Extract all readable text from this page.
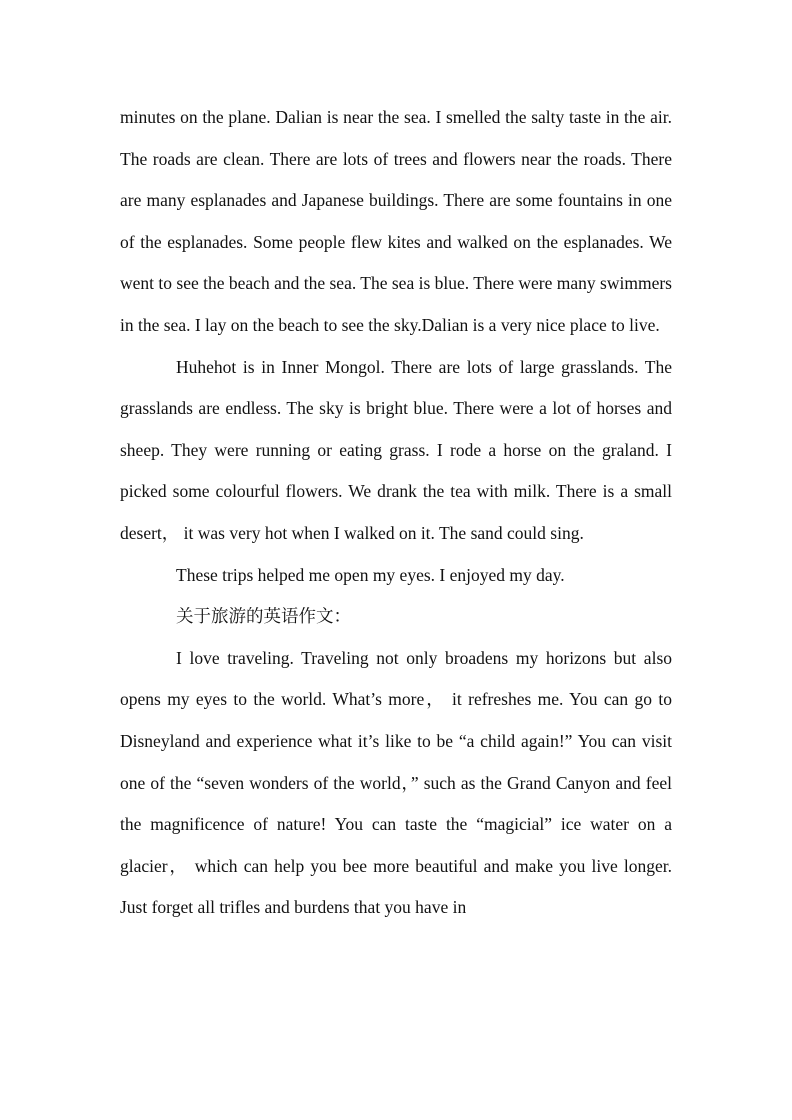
minutes on the plane. Dalian is near the sea. I smelled the salty taste in the air. The roads are clean. There are lots of trees and flowers near the roads. There are many esplanades and Japanese buildings. There are some fountains in one of the esplanades. Some people flew kites and walked on the esplanades. We went to see the beach and the sea. The sea is blue. There were many swimmers in the sea. I lay on the beach to see the sky.Dalian is a very nice place to live.

Huhehot is in Inner Mongol. There are lots of large grasslands. The grasslands are endless. The sky is bright blue. There were a lot of horses and sheep. They were running or eating grass. I rode a horse on the graland. I picked some colourful flowers. We drank the tea with milk. There is a small desert， it was very hot when I walked on it. The sand could sing.

These trips helped me open my eyes. I enjoyed my day.

关于旅游的英语作文：

I love traveling. Traveling not only broadens my horizons but also opens my eyes to the world. What’s more， it refreshes me. You can go to Disneyland and experience what it’s like to be “a child again!” You can visit one of the “seven wonders of the world，” such as the Grand Canyon and feel the magnificence of nature! You can taste the “magicial” ice water on a glacier， which can help you bee more beautiful and make you live longer. Just forget all trifles and burdens that you have in
